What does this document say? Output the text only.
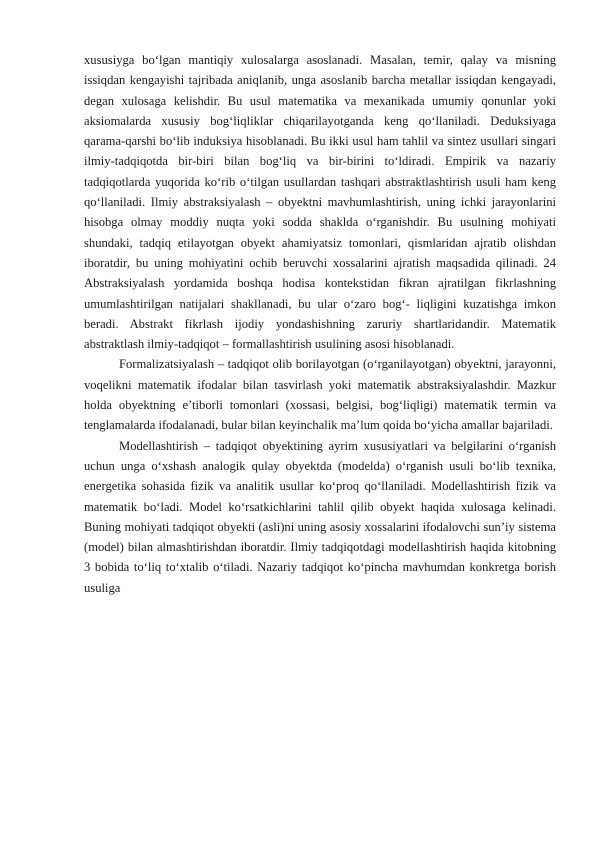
xususiyga bo‘lgan mantiqiy xulosalarga asoslanadi. Masalan, temir, qalay va misning issiqdan kengayishi tajribada aniqlanib, unga asoslanib barcha metallar issiqdan kengayadi, degan xulosaga kelishdir. Bu usul matematika va mexanikada umumiy qonunlar yoki aksiomalarda xususiy bog‘liqliklar chiqarilayotganda keng qo‘llaniladi. Deduksiyaga qarama-qarshi bo‘lib induksiya hisoblanadi. Bu ikki usul ham tahlil va sintez usullari singari ilmiy-tadqiqotda bir-biri bilan bog‘liq va bir-birini to‘ldiradi. Empirik va nazariy tadqiqotlarda yuqorida ko‘rib o‘tilgan usullardan tashqari abstraktlashtirish usuli ham keng qo‘llaniladi. Ilmiy abstraksiyalash – obyektni mavhumlashtirish, uning ichki jarayonlarini hisobga olmay moddiy nuqta yoki sodda shaklda o‘rganishdir. Bu usulning mohiyati shundaki, tadqiq etilayotgan obyekt ahamiyatsiz tomonlari, qismlaridan ajratib olishdan iboratdir, bu uning mohiyatini ochib beruvchi xossalarini ajratish maqsadida qilinadi. 24 Abstraksiyalash yordamida boshqa hodisa kontekstidan fikran ajratilgan fikrlashning umumlashtirilgan natijalari shakllanadi, bu ular o‘zaro bog‘- liqligini kuzatishga imkon beradi. Abstrakt fikrlash ijodiy yondashishning zaruriy shartlaridandir. Matematik abstraktlash ilmiy-tadqiqot – formallashtirish usulining asosi hisoblanadi.

Formalizatsiyalash – tadqiqot olib borilayotgan (o‘rganilayotgan) obyektni, jarayonni, voqelikni matematik ifodalar bilan tasvirlash yoki matematik abstraksiyalashdir. Mazkur holda obyektning e’tiborli tomonlari (xossasi, belgisi, bog‘liqligi) matematik termin va tenglamalarda ifodalanadi, bular bilan keyinchalik ma’lum qoida bo‘yicha amallar bajariladi.

Modellashtirish – tadqiqot obyektining ayrim xususiyatlari va belgilarini o‘rganish uchun unga o‘xshash analogik qulay obyektda (modelda) o‘rganish usuli bo‘lib texnika, energetika sohasida fizik va analitik usullar ko‘proq qo‘llaniladi. Modellashtirish fizik va matematik bo‘ladi. Model ko‘rsatkichlarini tahlil qilib obyekt haqida xulosaga kelinadi. Buning mohiyati tadqiqot obyekti (asli)ni uning asosiy xossalarini ifodalovchi sun’iy sistema (model) bilan almashtirishdan iboratdir. Ilmiy tadqiqotdagi modellashtirish haqida kitobning 3 bobida to‘liq to‘xtalib o‘tiladi. Nazariy tadqiqot ko‘pincha mavhumdan konkretga borish usuliga
